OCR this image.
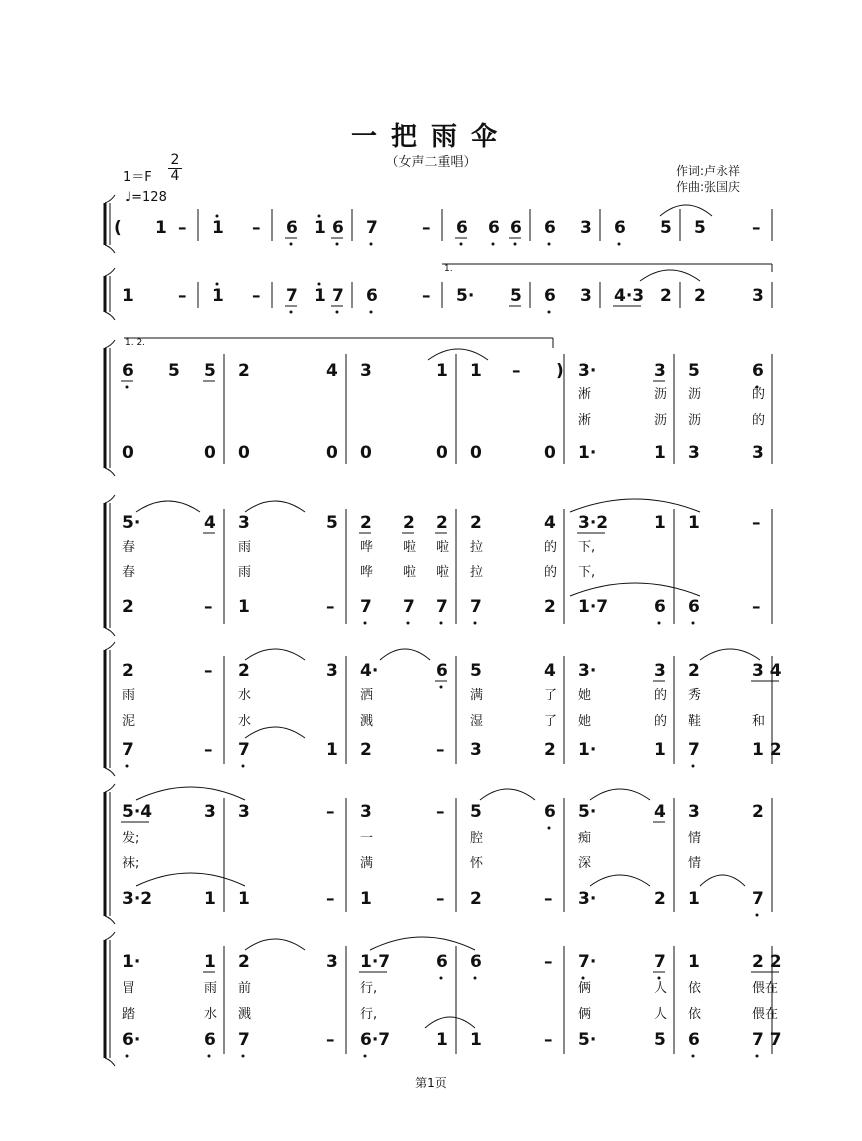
一把雨伞
（女声二重唱）
1＝F
2
4
♩=128
作词:卢永祥
作曲:张国庆
( 1 – 1 – 6 1 6 7	– 6 6 6 6 3 6 5 5	–
1	– 1 – 7 1 7 6	– 5· 5 6 3 4·3 2 2	3
6 5 5 2	4 3	1 1 – ) 3·	3 5	6
淅	沥 沥	的
淅	沥 沥	的
0	0 0	0 0	0 0	0 1·	1 3	3
5·	4 3	5 2 2 2 2	4 3·2	1 1	–
春	雨	哗 啦 啦 拉	的 下,
春	雨	哗 啦 啦 拉	的 下,
2	– 1	– 7 7 7 7	2 1·7	6 6	–
2	– 2	3 4·	6 5	4 3·	3 2	3 4
雨	水	洒	满	了 她	的 秀
泥	水	溅	湿	了 她	的 鞋	和
7	– 7	1 2	– 3	2 1·	1 7	1 2
5·4	3 3	– 3	– 5	6 5·	4 3	2
发;	一	腔	痴	情
袜;	满	怀	深	情
3·2	1 1	– 1	– 2	– 3·	2 1	7
1·	1 2	3 1·7	6 6	– 7·	7 1	2 2
冒	雨 前	行,	俩	人 依	偎在
踏	水 溅	行,	俩	人 依	偎在
6·	6 7	– 6·7	1 1	– 5·	5 6	7 7
1.
1. 2.
第1页
